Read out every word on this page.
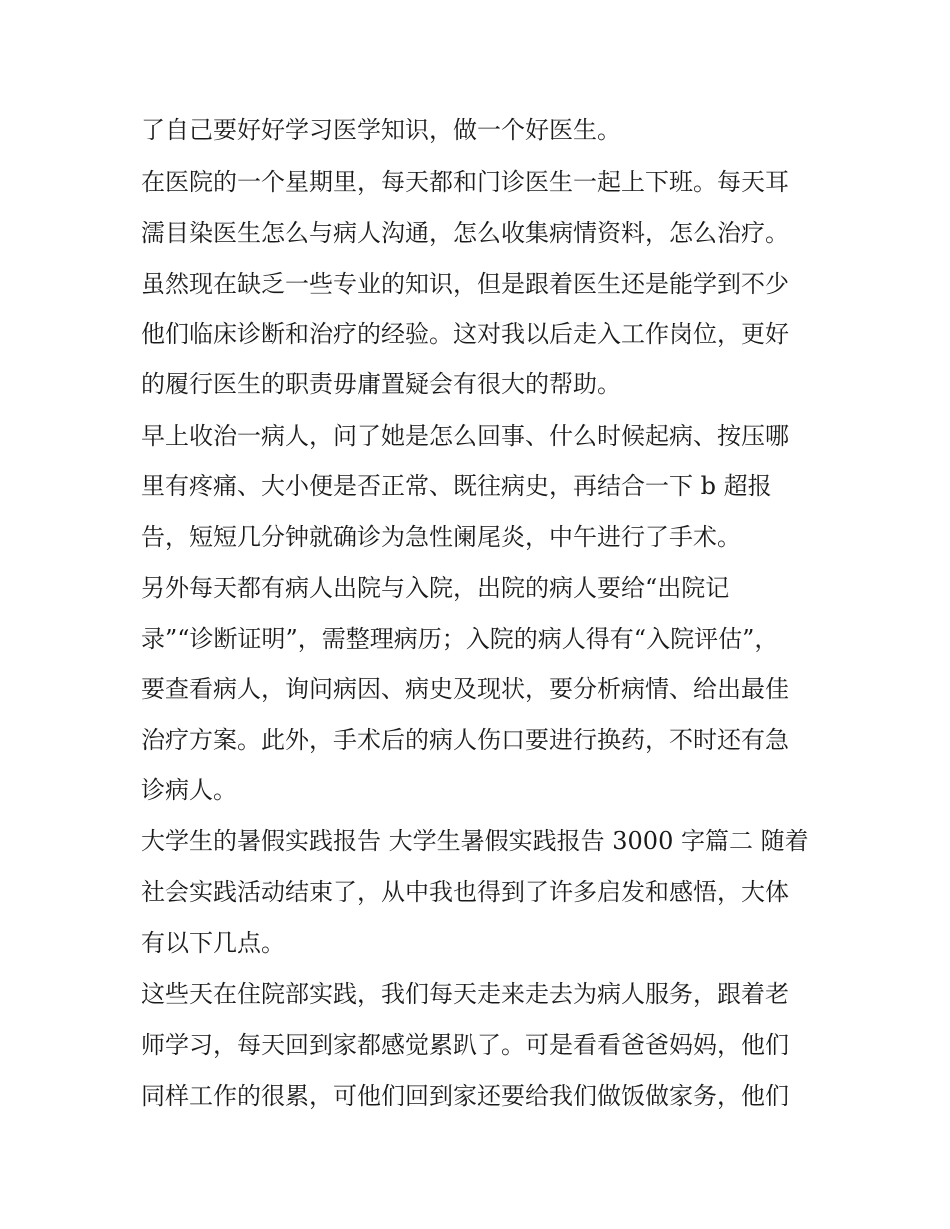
了自己要好好学习医学知识，做一个好医生。
在医院的一个星期里，每天都和门诊医生一起上下班。每天耳
濡目染医生怎么与病人沟通，怎么收集病情资料，怎么治疗。
虽然现在缺乏一些专业的知识，但是跟着医生还是能学到不少
他们临床诊断和治疗的经验。这对我以后走入工作岗位，更好
的履行医生的职责毋庸置疑会有很大的帮助。
早上收治一病人，问了她是怎么回事、什么时候起病、按压哪
里有疼痛、大小便是否正常、既往病史，再结合一下 b 超报
告，短短几分钟就确诊为急性阑尾炎，中午进行了手术。
另外每天都有病人出院与入院，出院的病人要给“出院记
录”“诊断证明”，需整理病历；入院的病人得有“入院评估”，
要查看病人，询问病因、病史及现状，要分析病情、给出最佳
治疗方案。此外，手术后的病人伤口要进行换药，不时还有急
诊病人。
大学生的暑假实践报告 大学生暑假实践报告 3000 字篇二 随着
社会实践活动结束了，从中我也得到了许多启发和感悟，大体
有以下几点。
这些天在住院部实践，我们每天走来走去为病人服务，跟着老
师学习，每天回到家都感觉累趴了。可是看看爸爸妈妈，他们
同样工作的很累，可他们回到家还要给我们做饭做家务，他们
